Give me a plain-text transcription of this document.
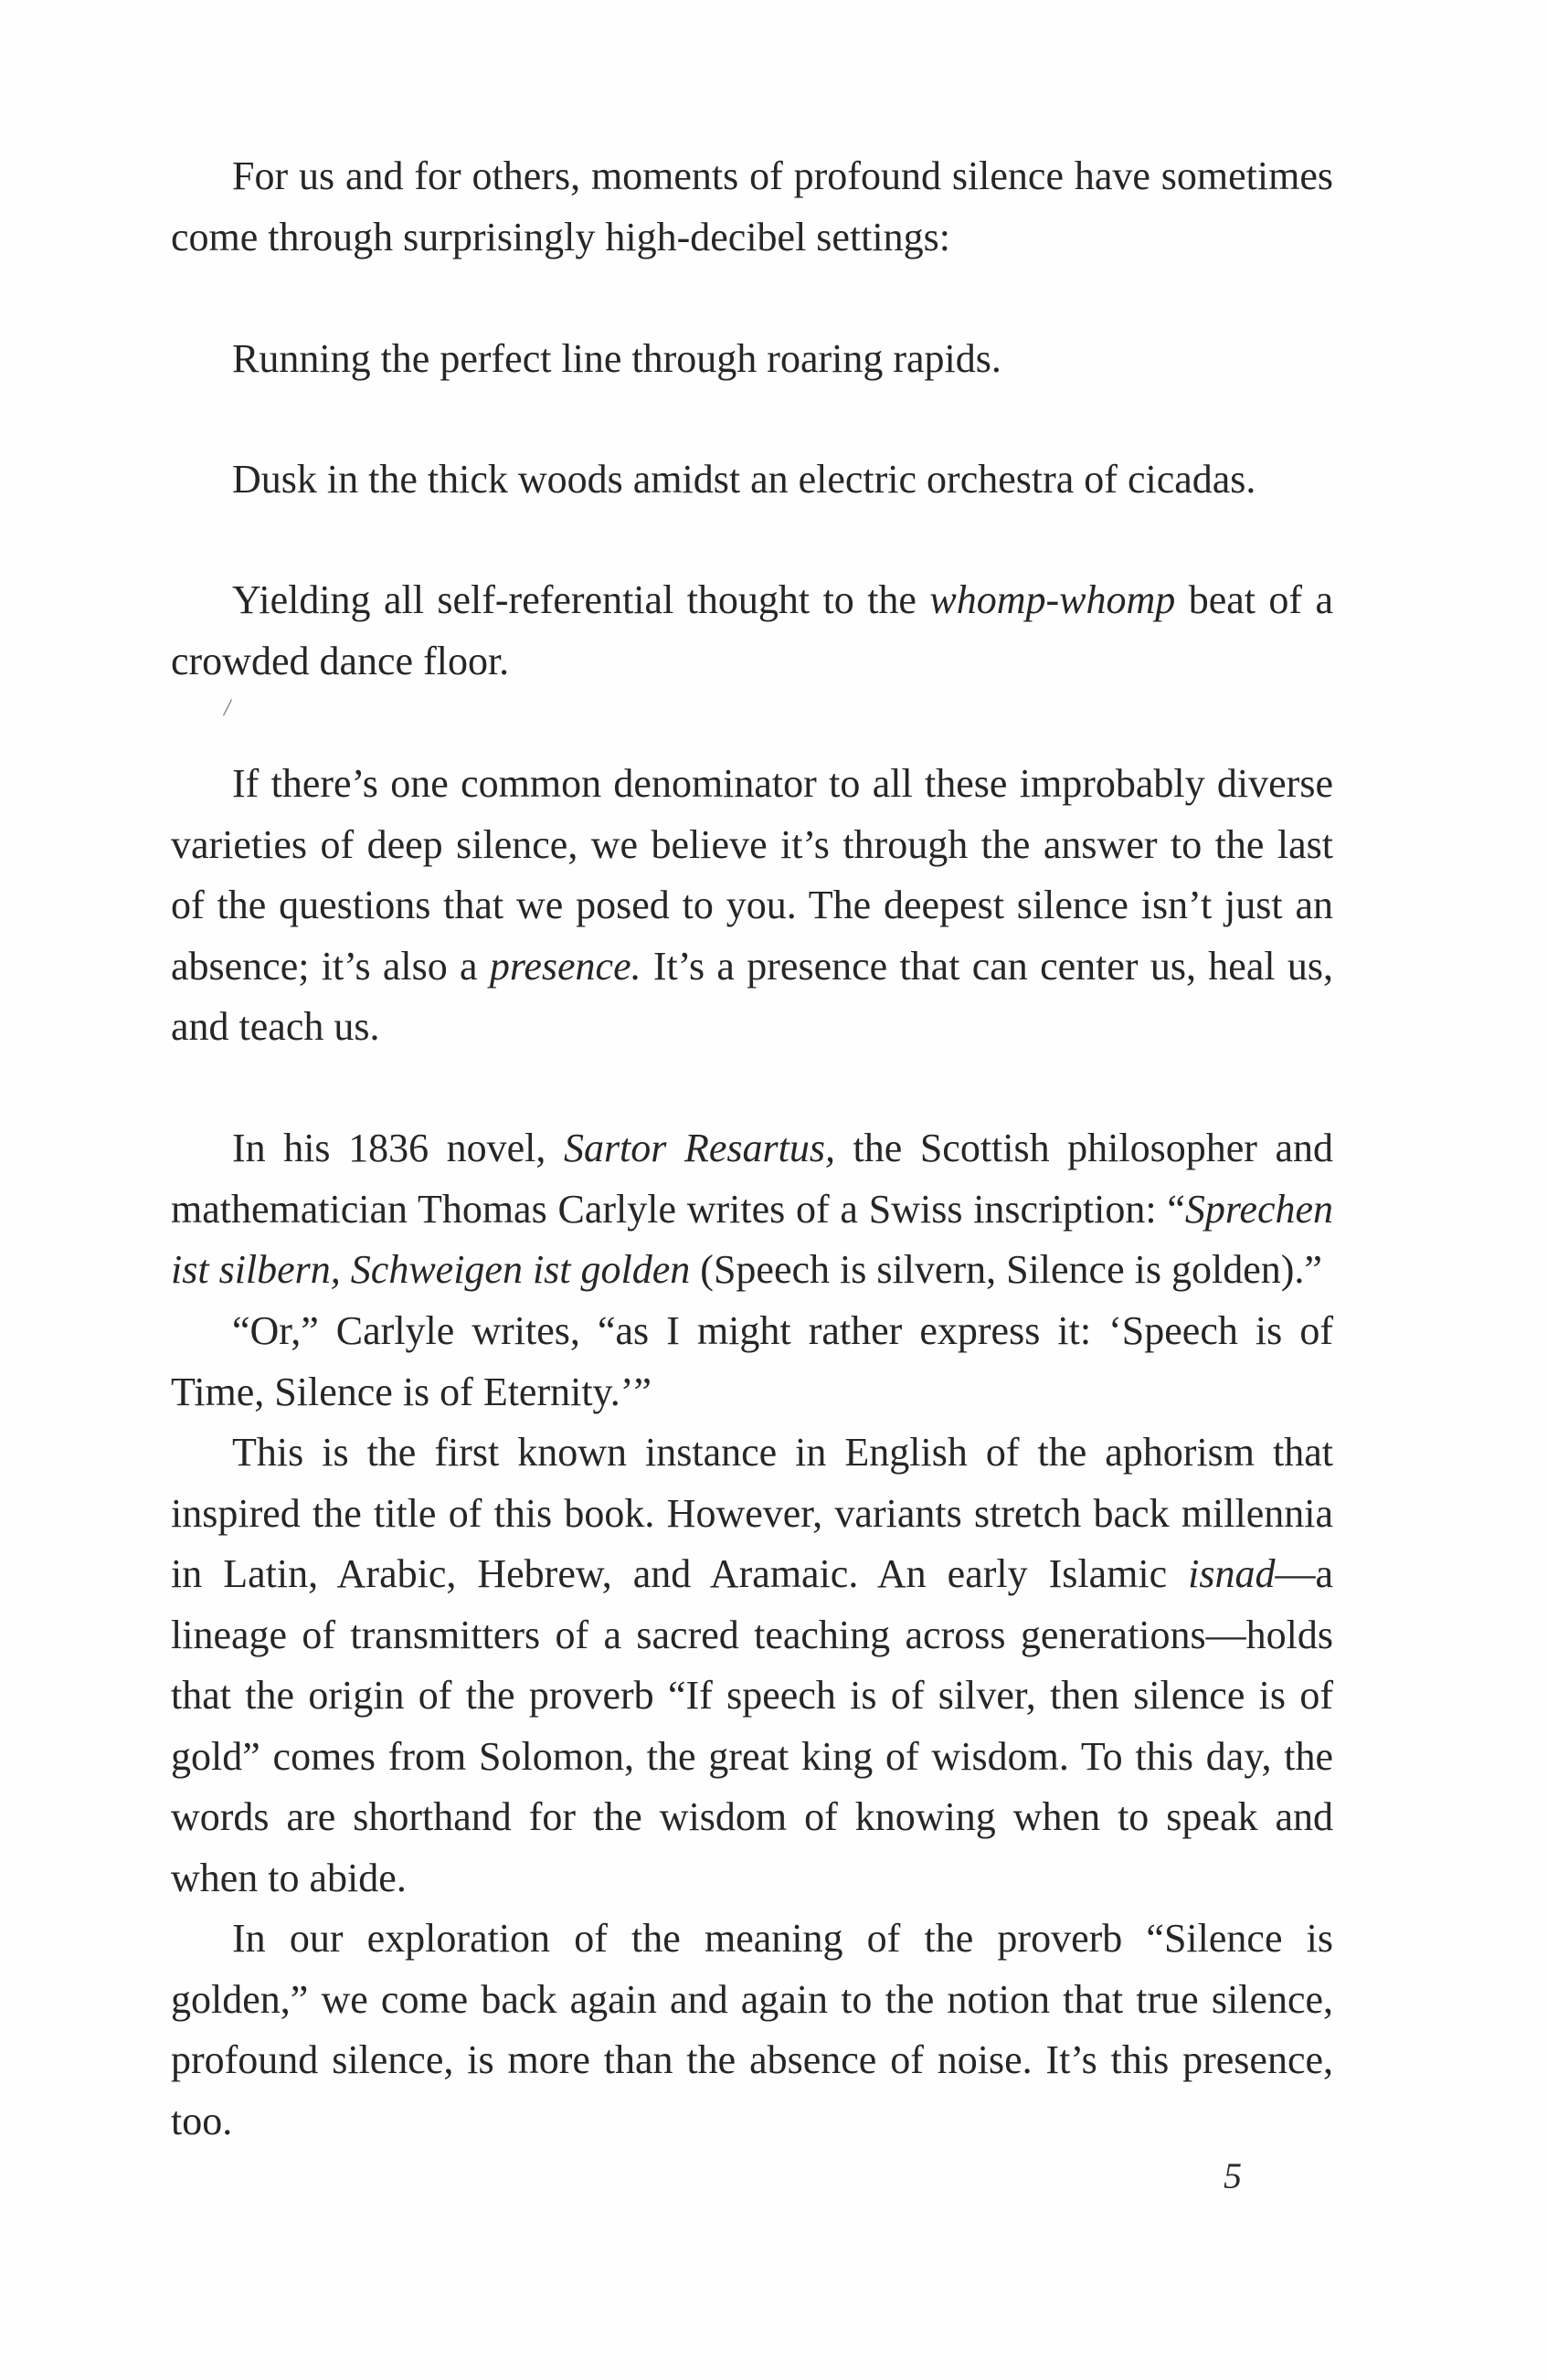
For us and for others, moments of profound silence have sometimes come through surprisingly high-decibel settings:

Running the perfect line through roaring rapids.

Dusk in the thick woods amidst an electric orchestra of cicadas.

Yielding all self-referential thought to the whomp-whomp beat of a crowded dance floor.

/

If there’s one common denominator to all these improbably diverse varieties of deep silence, we believe it’s through the answer to the last of the questions that we posed to you. The deepest silence isn’t just an absence; it’s also a presence. It’s a presence that can center us, heal us, and teach us.

In his 1836 novel, Sartor Resartus, the Scottish philosopher and mathematician Thomas Carlyle writes of a Swiss inscription: “Sprechen ist silbern, Schweigen ist golden (Speech is silvern, Silence is golden).”

“Or,” Carlyle writes, “as I might rather express it: ‘Speech is of Time, Silence is of Eternity.’”

This is the first known instance in English of the aphorism that inspired the title of this book. However, variants stretch back millennia in Latin, Arabic, Hebrew, and Aramaic. An early Islamic isnad—a lineage of transmitters of a sacred teaching across generations—holds that the origin of the proverb “If speech is of silver, then silence is of gold” comes from Solomon, the great king of wisdom. To this day, the words are shorthand for the wisdom of knowing when to speak and when to abide.

In our exploration of the meaning of the proverb “Silence is golden,” we come back again and again to the notion that true silence, profound silence, is more than the absence of noise. It’s this presence, too.

5
